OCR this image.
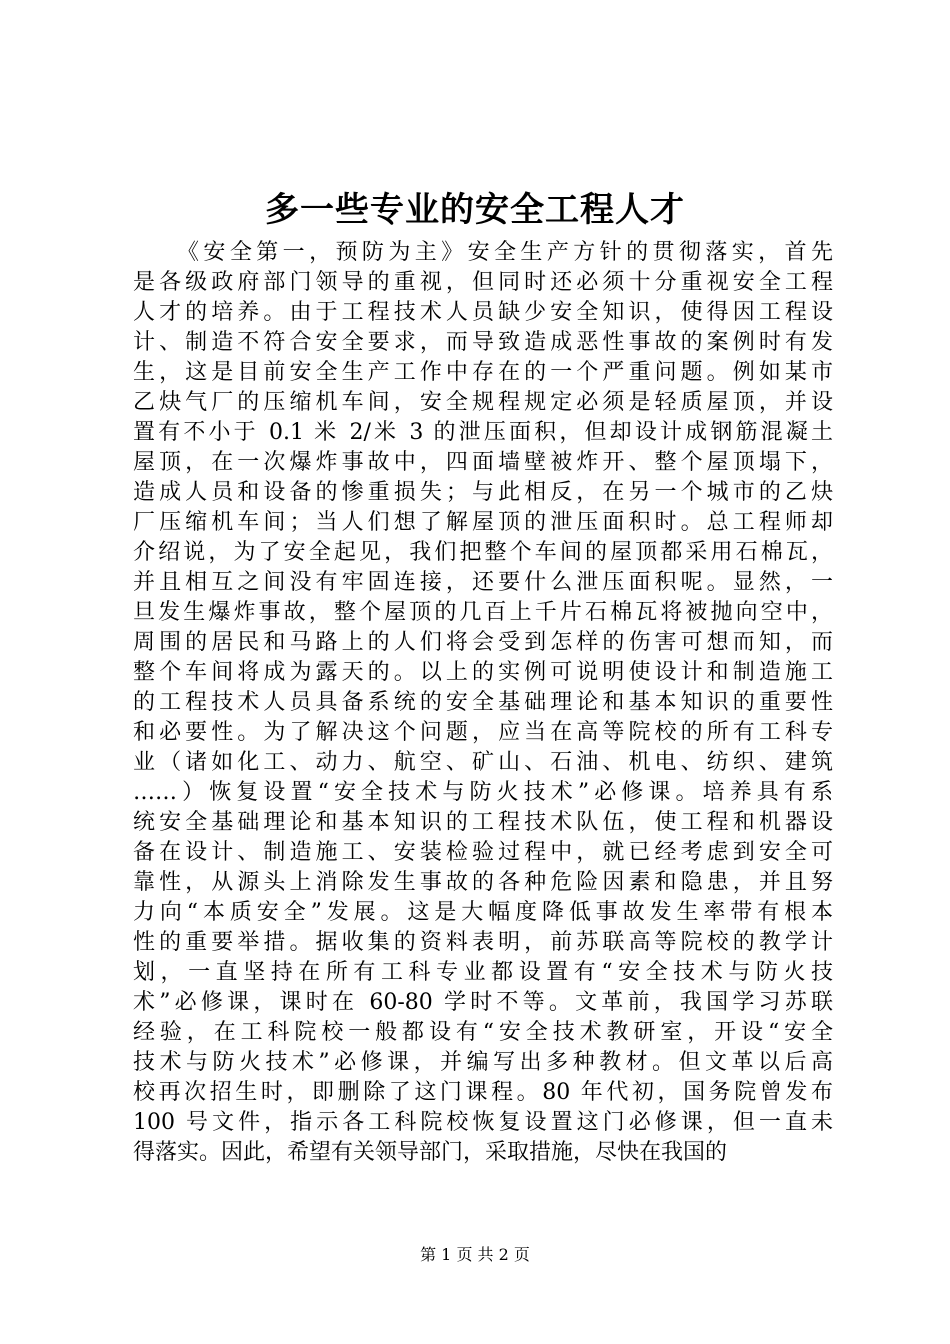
多一些专业的安全工程人才
《安全第一，预防为主》安全生产方针的贯彻落实，首先
是各级政府部门领导的重视，但同时还必须十分重视安全工程
人才的培养。由于工程技术人员缺少安全知识，使得因工程设
计、制造不符合安全要求，而导致造成恶性事故的案例时有发
生，这是目前安全生产工作中存在的一个严重问题。例如某市
乙炔气厂的压缩机车间，安全规程规定必须是轻质屋顶，并设
置有不小于 0.1 米 2/米 3 的泄压面积，但却设计成钢筋混凝土
屋顶，在一次爆炸事故中，四面墙壁被炸开、整个屋顶塌下，
造成人员和设备的惨重损失；与此相反，在另一个城市的乙炔
厂压缩机车间；当人们想了解屋顶的泄压面积时。总工程师却
介绍说，为了安全起见，我们把整个车间的屋顶都采用石棉瓦，
并且相互之间没有牢固连接，还要什么泄压面积呢。显然，一
旦发生爆炸事故，整个屋顶的几百上千片石棉瓦将被抛向空中，
周围的居民和马路上的人们将会受到怎样的伤害可想而知，而
整个车间将成为露天的。以上的实例可说明使设计和制造施工
的工程技术人员具备系统的安全基础理论和基本知识的重要性
和必要性。为了解决这个问题，应当在高等院校的所有工科专
业（诸如化工、动力、航空、矿山、石油、机电、纺织、建筑
……）恢复设置“安全技术与防火技术”必修课。培养具有系
统安全基础理论和基本知识的工程技术队伍，使工程和机器设
备在设计、制造施工、安装检验过程中，就已经考虑到安全可
靠性，从源头上消除发生事故的各种危险因素和隐患，并且努
力向“本质安全”发展。这是大幅度降低事故发生率带有根本
性的重要举措。据收集的资料表明，前苏联高等院校的教学计
划，一直坚持在所有工科专业都设置有“安全技术与防火技
术”必修课，课时在 60-80 学时不等。文革前，我国学习苏联
经验，在工科院校一般都设有“安全技术教研室，开设“安全
技术与防火技术”必修课，并编写出多种教材。但文革以后高
校再次招生时，即删除了这门课程。80 年代初，国务院曾发布
100 号文件，指示各工科院校恢复设置这门必修课，但一直未
得落实。因此，希望有关领导部门，采取措施，尽快在我国的
第 1 页 共 2 页
